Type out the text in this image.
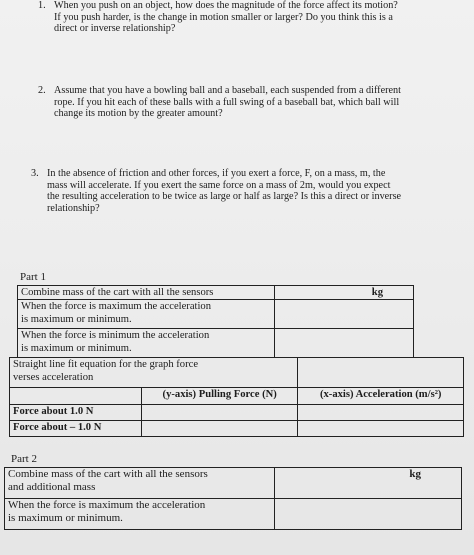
1. When you push on an object, how does the magnitude of the force affect its motion?
If you push harder, is the change in motion smaller or larger? Do you think this is a
direct or inverse relationship?
2. Assume that you have a bowling ball and a baseball, each suspended from a different
rope. If you hit each of these balls with a full swing of a baseball bat, which ball will
change its motion by the greater amount?
3. In the absence of friction and other forces, if you exert a force, F, on a mass, m, the
mass will accelerate. If you exert the same force on a mass of 2m, would you expect
the resulting acceleration to be twice as large or half as large? Is this a direct or inverse
relationship?
Part 1
Combine mass of the cart with all the sensors	kg

When the force is maximum the acceleration
is maximum or minimum.	

When the force is minimum the acceleration
is maximum or minimum.	

Straight line fit equation for the graph force
verses acceleration		

	(y-axis) Pulling Force (N)	(x-axis) Acceleration (m/s²)
Force about 1.0 N		
Force about – 1.0 N		
Part 2
Combine mass of the cart with all the sensors
and additional mass	kg

When the force is maximum the acceleration
is maximum or minimum.	
